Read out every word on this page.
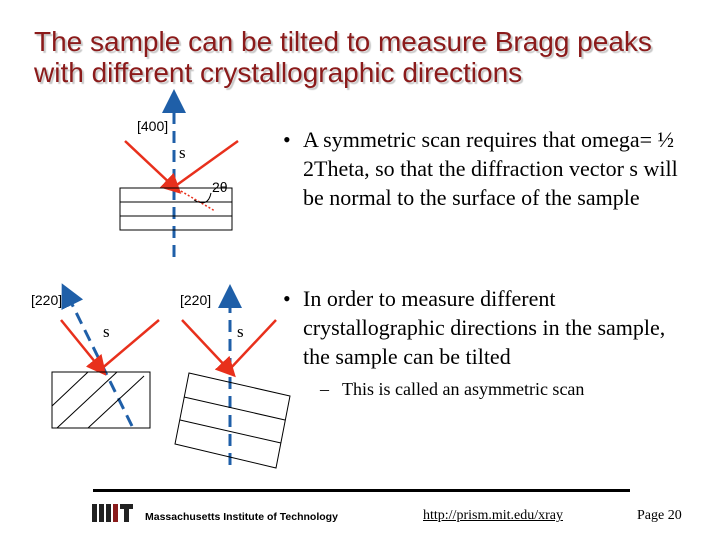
The sample can be tilted to measure Bragg peaks with different crystallographic directions
[400]
s
2θ
[220]
s
[220]
s
• A symmetric scan requires that omega= ½ 2Theta, so that the diffraction vector s will be normal to the surface of the sample
• In order to measure different crystallographic directions in the sample, the sample can be tilted
– This is called an asymmetric scan
Massachusetts Institute of Technology	http://prism.mit.edu/xray	Page 20
